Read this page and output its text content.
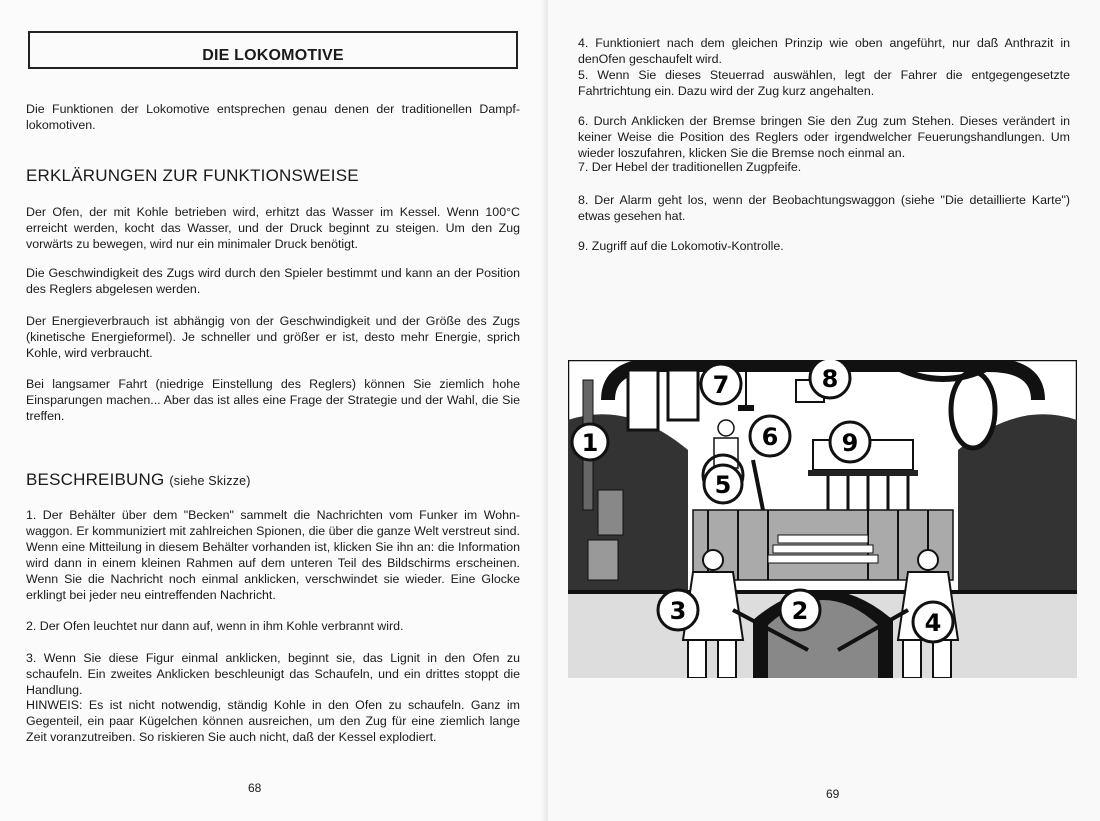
DIE LOKOMOTIVE

Die Funktionen der Lokomotive entsprechen genau denen der traditionellen Dampf-lokomotiven.

ERKLÄRUNGEN ZUR FUNKTIONSWEISE

Der Ofen, der mit Kohle betrieben wird, erhitzt das Wasser im Kessel. Wenn 100°C erreicht werden, kocht das Wasser, und der Druck beginnt zu steigen. Um den Zug vorwärts zu bewegen, wird nur ein minimaler Druck benötigt.

Die Geschwindigkeit des Zugs wird durch den Spieler bestimmt und kann an der Position des Reglers abgelesen werden.

Der Energieverbrauch ist abhängig von der Geschwindigkeit und der Größe des Zugs (kinetische Energieformel). Je schneller und größer er ist, desto mehr Energie, sprich Kohle, wird verbraucht.

Bei langsamer Fahrt (niedrige Einstellung des Reglers) können Sie ziemlich hohe Einsparungen machen... Aber das ist alles eine Frage der Strategie und der Wahl, die Sie treffen.

BESCHREIBUNG (siehe Skizze)

1. Der Behälter über dem "Becken" sammelt die Nachrichten vom Funker im Wohn-waggon. Er kommuniziert mit zahlreichen Spionen, die über die ganze Welt verstreut sind. Wenn eine Mitteilung in diesem Behälter vorhanden ist, klicken Sie ihn an: die Information wird dann in einem kleinen Rahmen auf dem unteren Teil des Bildschirms erscheinen. Wenn Sie die Nachricht noch einmal anklicken, verschwindet sie wieder. Eine Glocke erklingt bei jeder neu eintreffenden Nachricht.

2. Der Ofen leuchtet nur dann auf, wenn in ihm Kohle verbrannt wird.

3. Wenn Sie diese Figur einmal anklicken, beginnt sie, das Lignit in den Ofen zu schaufeln. Ein zweites Anklicken beschleunigt das Schaufeln, und ein drittes stoppt die Handlung.

HINWEIS: Es ist nicht notwendig, ständig Kohle in den Ofen zu schaufeln. Ganz im Gegenteil, ein paar Kügelchen können ausreichen, um den Zug für eine ziemlich lange Zeit voranzutreiben. So riskieren Sie auch nicht, daß der Kessel explodiert.

68	69

4. Funktioniert nach dem gleichen Prinzip wie oben angeführt, nur daß Anthrazit in denOfen geschaufelt wird.

5. Wenn Sie dieses Steuerrad auswählen, legt der Fahrer die entgegengesetzte Fahrtrichtung ein. Dazu wird der Zug kurz angehalten.

6. Durch Anklicken der Bremse bringen Sie den Zug zum Stehen. Dieses verändert in keiner Weise die Position des Reglers oder irgendwelcher Feuerungshandlungen. Um wieder loszufahren, klicken Sie die Bremse noch einmal an.

7. Der Hebel der traditionellen Zugpfeife.

8. Der Alarm geht los, wenn der Beobachtungswaggon (siehe "Die detaillierte Karte") etwas gesehen hat.

9. Zugriff auf die Lokomotiv-Kontrolle.

1
2
3	4
5
6
7	8
9
